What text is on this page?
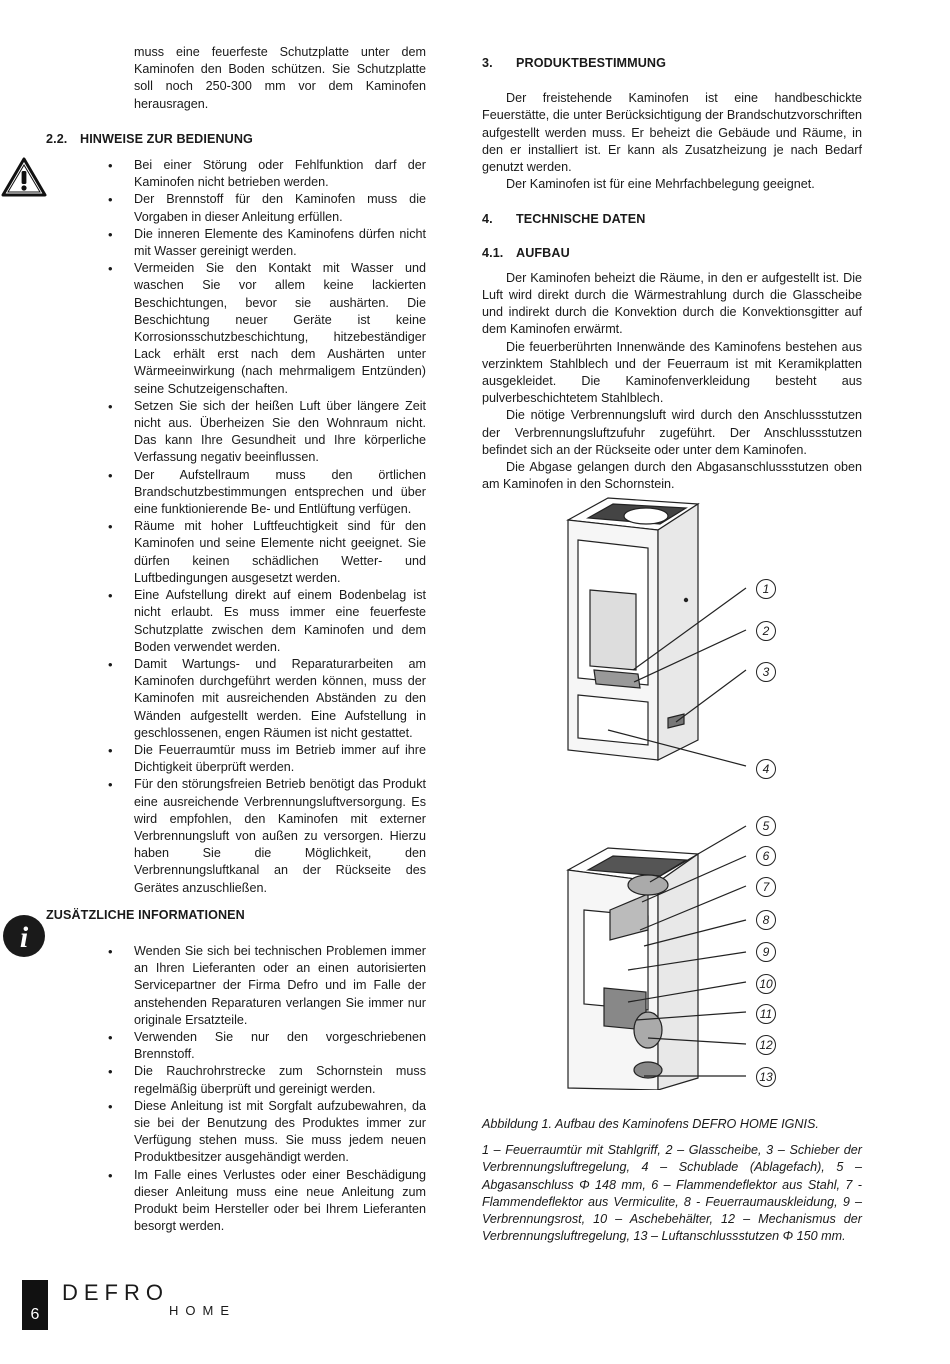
muss eine feuerfeste Schutzplatte unter dem Kaminofen den Boden schützen. Sie Schutzplatte soll noch 250-300 mm vor dem Kaminofen herausragen.
2.2. HINWEISE ZUR BEDIENUNG
• Bei einer Störung oder Fehlfunktion darf der Kaminofen nicht betrieben werden.
• Der Brennstoff für den Kaminofen muss die Vorgaben in dieser Anleitung erfüllen.
• Die inneren Elemente des Kaminofens dürfen nicht mit Wasser gereinigt werden.
• Vermeiden Sie den Kontakt mit Wasser und waschen Sie vor allem keine lackierten Beschichtungen, bevor sie aushärten. Die Beschichtung neuer Geräte ist keine Korrosionsschutzbeschichtung, hitzebeständiger Lack erhält erst nach dem Aushärten unter Wärmeeinwirkung (nach mehrmaligem Entzünden) seine Schutzeigenschaften.
• Setzen Sie sich der heißen Luft über längere Zeit nicht aus. Überheizen Sie den Wohnraum nicht. Das kann Ihre Gesundheit und Ihre körperliche Verfassung negativ beeinflussen.
• Der Aufstellraum muss den örtlichen Brandschutzbestimmungen entsprechen und über eine funktionierende Be- und Entlüftung verfügen.
• Räume mit hoher Luftfeuchtigkeit sind für den Kaminofen und seine Elemente nicht geeignet. Sie dürfen keinen schädlichen Wetter- und Luftbedingungen ausgesetzt werden.
• Eine Aufstellung direkt auf einem Bodenbelag ist nicht erlaubt. Es muss immer eine feuerfeste Schutzplatte zwischen dem Kaminofen und dem Boden verwendet werden.
• Damit Wartungs- und Reparaturarbeiten am Kaminofen durchgeführt werden können, muss der Kaminofen mit ausreichenden Abständen zu den Wänden aufgestellt werden. Eine Aufstellung in geschlossenen, engen Räumen ist nicht gestattet.
• Die Feuerraumtür muss im Betrieb immer auf ihre Dichtigkeit überprüft werden.
• Für den störungsfreien Betrieb benötigt das Produkt eine ausreichende Verbrennungsluftversorgung. Es wird empfohlen, den Kaminofen mit externer Verbrennungsluft von außen zu versorgen. Hierzu haben Sie die Möglichkeit, den Verbrennungsluftkanal an der Rückseite des Gerätes anzuschließen.
ZUSÄTZLICHE INFORMATIONEN
• Wenden Sie sich bei technischen Problemen immer an Ihren Lieferanten oder an einen autorisierten Servicepartner der Firma Defro und im Falle der anstehenden Reparaturen verlangen Sie immer nur originale Ersatzteile.
• Verwenden Sie nur den vorgeschriebenen Brennstoff.
• Die Rauchrohrstrecke zum Schornstein muss regelmäßig überprüft und gereinigt werden.
• Diese Anleitung ist mit Sorgfalt aufzubewahren, da sie bei der Benutzung des Produktes immer zur Verfügung stehen muss. Sie muss jedem neuen Produktbesitzer ausgehändigt werden.
• Im Falle eines Verlustes oder einer Beschädigung dieser Anleitung muss eine neue Anleitung zum Produkt beim Hersteller oder bei Ihrem Lieferanten besorgt werden.
i
3. PRODUKTBESTIMMUNG

Der freistehende Kaminofen ist eine handbeschickte Feuerstätte, die unter Berücksichtigung der Brandschutzvorschriften aufgestellt werden muss. Er beheizt die Gebäude und Räume, in den er installiert ist. Er kann als Zusatzheizung je nach Bedarf genutzt werden.

Der Kaminofen ist für eine Mehrfachbelegung geeignet.

4. TECHNISCHE DATEN
4.1. AUFBAU

Der Kaminofen beheizt die Räume, in den er aufgestellt ist. Die Luft wird direkt durch die Wärmestrahlung durch die Glasscheibe und indirekt durch die Konvektion durch die Konvektionsgitter auf dem Kaminofen erwärmt.

Die feuerberührten Innenwände des Kaminofens bestehen aus verzinktem Stahlblech und der Feuerraum ist mit Keramikplatten ausgekleidet. Die Kaminofenverkleidung besteht aus pulverbeschichtetem Stahlblech.

Die nötige Verbrennungsluft wird durch den Anschlussstutzen der Verbrennungsluftzufuhr zugeführt. Der Anschlussstutzen befindet sich an der Rückseite oder unter dem Kaminofen.

Die Abgase gelangen durch den Abgasanschlussstutzen oben am Kaminofen in den Schornstein.

1
2
3
4
5
6
7
8
9
10
11
12
13
Abbildung 1. Aufbau des Kaminofens DEFRO HOME IGNIS.
1 – Feuerraumtür mit Stahlgriff, 2 – Glasscheibe, 3 – Schieber der Verbrennungsluftregelung, 4 – Schublade (Ablagefach), 5 – Abgasanschluss Φ 148 mm, 6 – Flammendeflektor aus Stahl, 7 - Flammendeflektor aus Vermiculite, 8 - Feuerraumauskleidung, 9 – Verbrennungsrost, 10 – Aschebehälter, 12 – Mechanismus der Verbrennungsluftregelung, 13 – Luftanschlussstutzen Φ 150 mm.
6
DEFRO
HOME
